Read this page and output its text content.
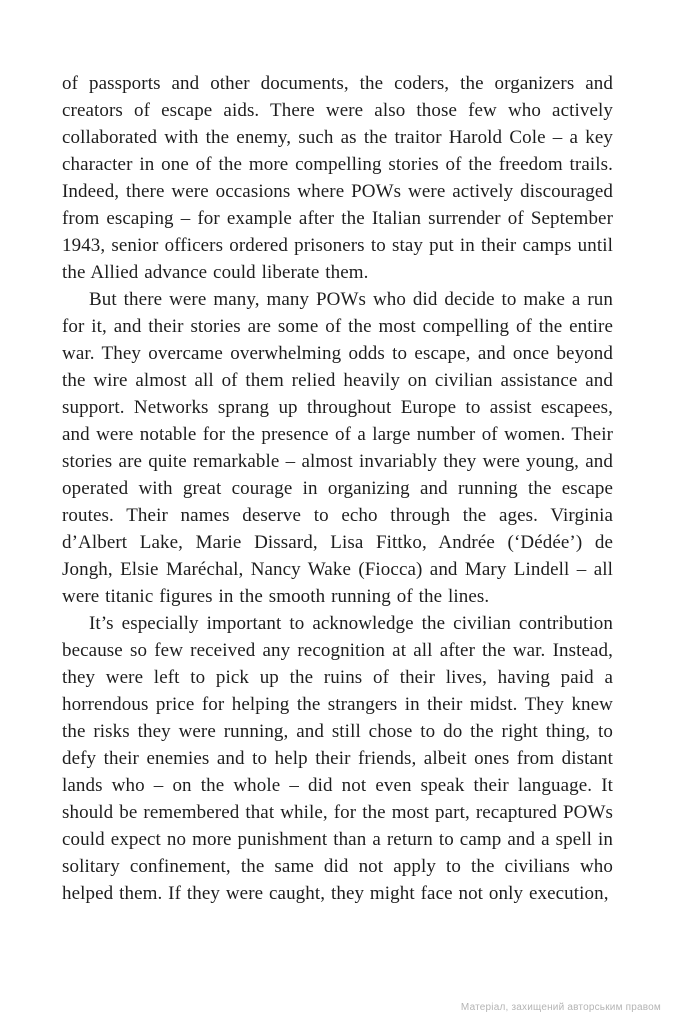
of passports and other documents, the coders, the organizers and creators of escape aids. There were also those few who actively collaborated with the enemy, such as the traitor Harold Cole – a key character in one of the more compelling stories of the freedom trails. Indeed, there were occasions where POWs were actively discouraged from escaping – for example after the Italian surrender of September 1943, senior officers ordered prisoners to stay put in their camps until the Allied advance could liberate them.

But there were many, many POWs who did decide to make a run for it, and their stories are some of the most compelling of the entire war. They overcame overwhelming odds to escape, and once beyond the wire almost all of them relied heavily on civilian assistance and support. Networks sprang up throughout Europe to assist escapees, and were notable for the presence of a large number of women. Their stories are quite remarkable – almost invariably they were young, and operated with great courage in organizing and running the escape routes. Their names deserve to echo through the ages. Virginia d’Albert Lake, Marie Dissard, Lisa Fittko, Andrée (‘Dédée’) de Jongh, Elsie Maréchal, Nancy Wake (Fiocca) and Mary Lindell – all were titanic figures in the smooth running of the lines.

It’s especially important to acknowledge the civilian contribution because so few received any recognition at all after the war. Instead, they were left to pick up the ruins of their lives, having paid a horrendous price for helping the strangers in their midst. They knew the risks they were running, and still chose to do the right thing, to defy their enemies and to help their friends, albeit ones from distant lands who – on the whole – did not even speak their language. It should be remembered that while, for the most part, recaptured POWs could expect no more punishment than a return to camp and a spell in solitary confinement, the same did not apply to the civilians who helped them. If they were caught, they might face not only execution,

Матеріал, захищений авторським правом
